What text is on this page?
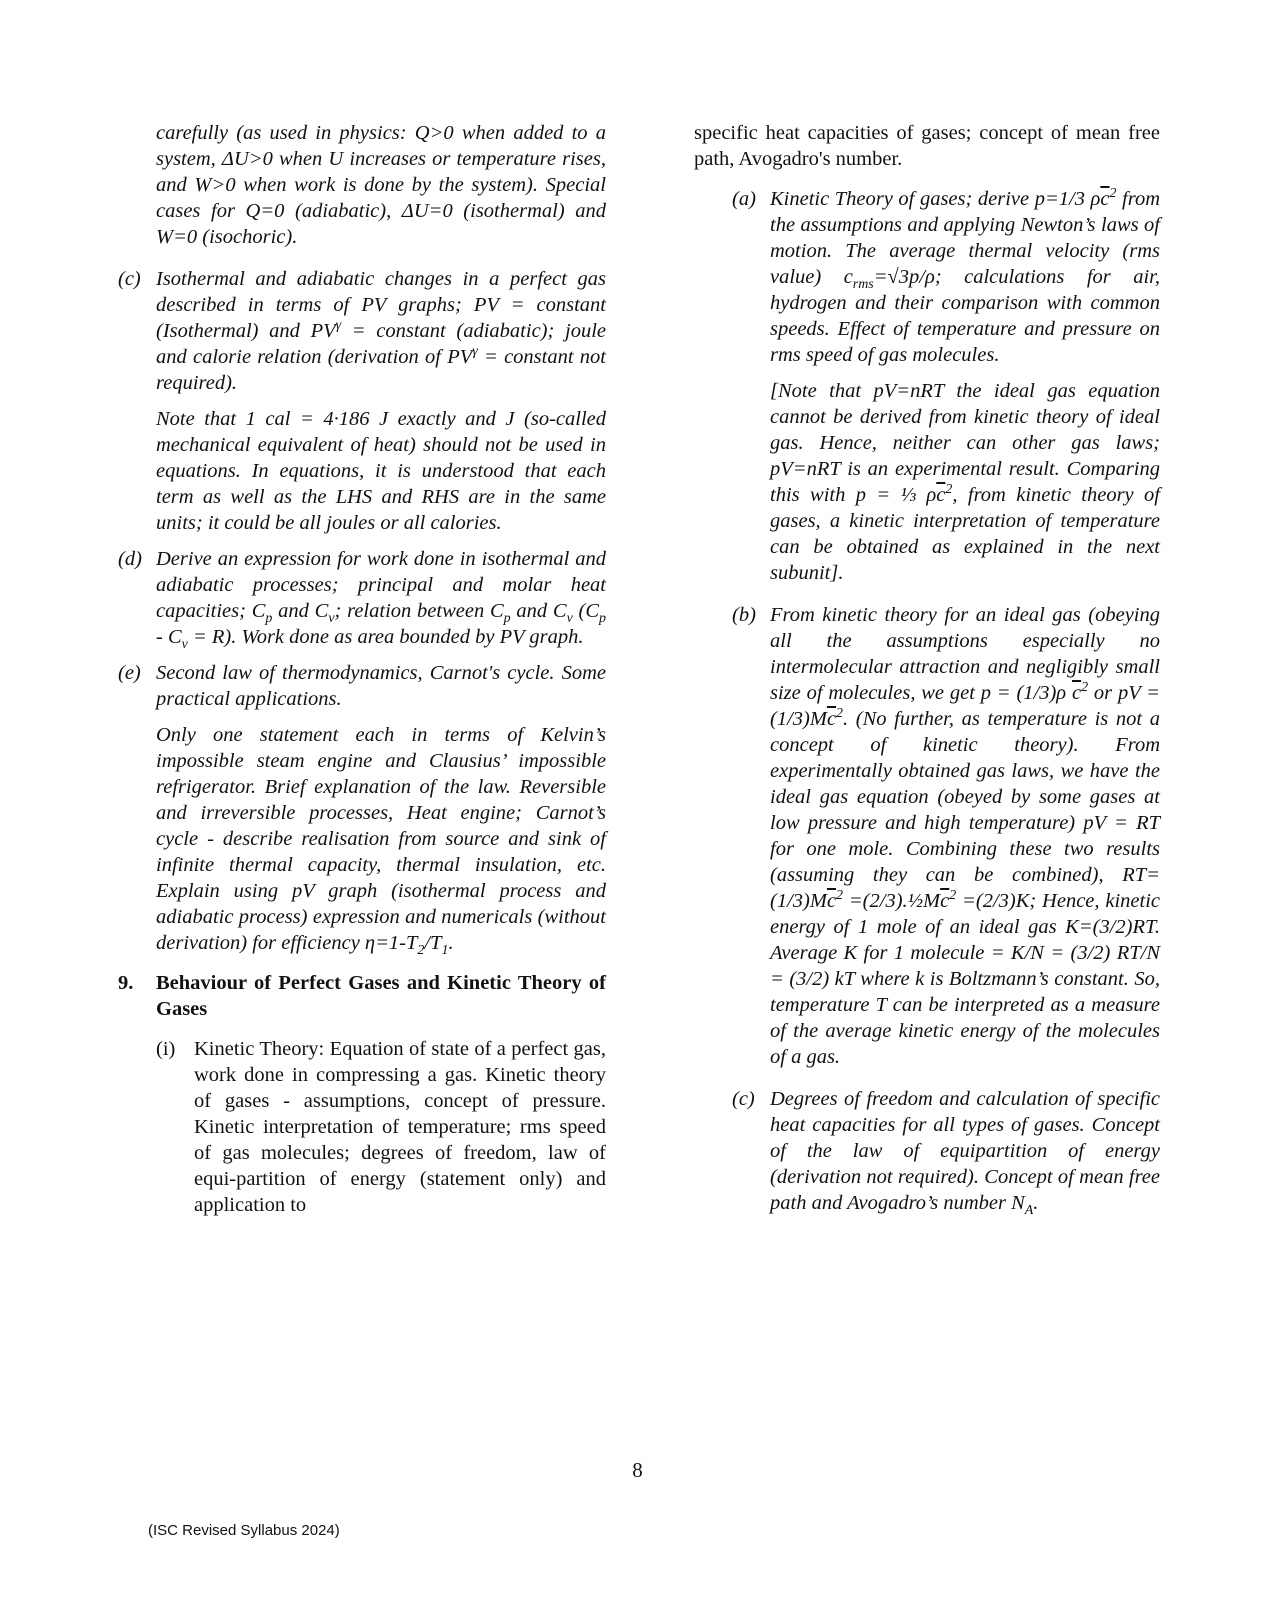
carefully (as used in physics: Q>0 when added to a system, ΔU>0 when U increases or temperature rises, and W>0 when work is done by the system). Special cases for Q=0 (adiabatic), ΔU=0 (isothermal) and W=0 (isochoric).

(c) Isothermal and adiabatic changes in a perfect gas described in terms of PV graphs; PV = constant (Isothermal) and $PV^\gamma$ = constant (adiabatic); joule and calorie relation (derivation of $PV^\gamma$ = constant not required).

Note that 1 cal = 4·186 J exactly and J (so-called mechanical equivalent of heat) should not be used in equations. In equations, it is understood that each term as well as the LHS and RHS are in the same units; it could be all joules or all calories.

(d) Derive an expression for work done in isothermal and adiabatic processes; principal and molar heat capacities; $C_p$ and $C_v$; relation between $C_p$ and $C_v$ $(C_p - C_v = R)$. Work done as area bounded by PV graph.

(e) Second law of thermodynamics, Carnot's cycle. Some practical applications.

Only one statement each in terms of Kelvin’s impossible steam engine and Clausius’ impossible refrigerator. Brief explanation of the law. Reversible and irreversible processes, Heat engine; Carnot’s cycle - describe realisation from source and sink of infinite thermal capacity, thermal insulation, etc. Explain using pV graph (isothermal process and adiabatic process) expression and numericals (without derivation) for efficiency $\eta=1-T_2/T_1$.

9. Behaviour of Perfect Gases and Kinetic Theory of Gases

(i) Kinetic Theory: Equation of state of a perfect gas, work done in compressing a gas. Kinetic theory of gases - assumptions, concept of pressure. Kinetic interpretation of temperature; rms speed of gas molecules; degrees of freedom, law of equi-partition of energy (statement only) and application to

specific heat capacities of gases; concept of mean free path, Avogadro's number.

(a) Kinetic Theory of gases; derive p=1/3 $\rho\overline{c}^2$ from the assumptions and applying Newton’s laws of motion. The average thermal velocity (rms value) $c_{rms}=√3p/\rho$; calculations for air, hydrogen and their comparison with common speeds. Effect of temperature and pressure on rms speed of gas molecules.

[Note that pV=nRT the ideal gas equation cannot be derived from kinetic theory of ideal gas. Hence, neither can other gas laws; pV=nRT is an experimental result. Comparing this with p = ⅓ $\rho\overline{c}^2$, from kinetic theory of gases, a kinetic interpretation of temperature can be obtained as explained in the next subunit].

(b) From kinetic theory for an ideal gas (obeying all the assumptions especially no intermolecular attraction and negligibly small size of molecules, we get p = (1/3)ρ $\overline{c}^2$ or pV = $(1/3)M\overline{c}^2$. (No further, as temperature is not a concept of kinetic theory). From experimentally obtained gas laws, we have the ideal gas equation (obeyed by some gases at low pressure and high temperature) pV = RT for one mole. Combining these two results (assuming they can be combined), $RT=(1/3)M\overline{c}^2$ $=(2/3).\frac{1}{2}M\overline{c}^2 =(2/3)K$; Hence, kinetic energy of 1 mole of an ideal gas K=(3/2)RT. Average K for 1 molecule = K/N = (3/2) RT/N = (3/2) kT where k is Boltzmann’s constant. So, temperature T can be interpreted as a measure of the average kinetic energy of the molecules of a gas.

(c) Degrees of freedom and calculation of specific heat capacities for all types of gases. Concept of the law of equipartition of energy (derivation not required). Concept of mean free path and Avogadro’s number $N_A$.

8
(ISC Revised Syllabus 2024)
